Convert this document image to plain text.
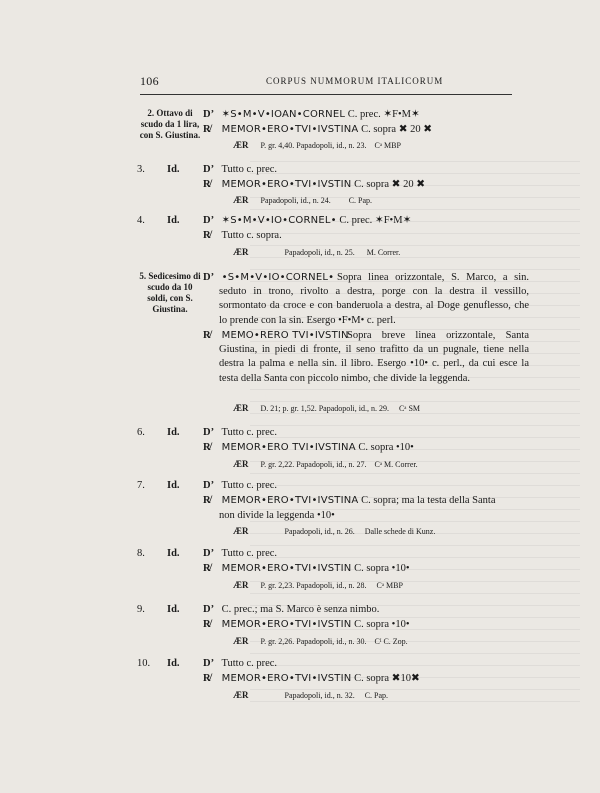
106	CORPUS NUMMORUM ITALICORUM
2. Ottavo di scudo da 1 lira, con S. Giustina.
D’ ✶S•M•V•IOAN•CORNEL C. prec. ✶F•M✶
R̸ MEMOR•ERO•TVI•IVSTINA C. sopra ✖ 20 ✖
ÆR P. gr. 4,40. Papadopoli, id., n. 23. Cᵃ MBP
3. Id. D’ Tutto c. prec.
R̸ MEMOR•ERO•TVI•IVSTIN C. sopra ✖ 20 ✖
ÆR Papadopoli, id., n. 24. C. Pap.
4. Id. D’ ✶S•M•V•IO•CORNEL• C. prec. ✶F•M✶
R̸ Tutto c. sopra.
ÆR	Papadopoli, id., n. 25. M. Correr.
5. Sedicesimo di scudo da 10 soldi, con S. Giustina.
D’ •S•M•V•IO•CORNEL• Sopra linea orizzontale, S. Marco, a sin. seduto in trono, rivolto a destra, porge con la destra il vessillo, sormontato da croce e con banderuola a destra, al Doge genuflesso, che lo prende con la sin. Esergo •F•M• c. perl.
R̸ MEMO•RERO TVI•IVSTIN
Sopra breve linea orizzontale, Santa Giustina, in piedi di fronte, il seno trafitto da un pugnale, tiene nella destra la palma e nella sin. il libro. Esergo •10• c. perl., da cui esce la testa della Santa con piccolo nimbo, che divide la leggenda.
ÆR D. 21; p. gr. 1,52. Papadopoli, id., n. 29. Cᵃ SM
6. Id. D’ Tutto c. prec.
R̸ MEMOR•ERO TVI•IVSTINA C. sopra •10•
ÆR P. gr. 2,22. Papadopoli, id., n. 27. Cᵃ M. Correr.
7. Id. D’ Tutto c. prec.
R̸ MEMOR•ERO•TVI•IVSTINA C. sopra; ma la testa della Santa
non divide la leggenda •10•
ÆR	Papadopoli, id., n. 26. Dalle schede di Kunz.
8. Id. D’ Tutto c. prec.
R̸ MEMOR•ERO•TVI•IVSTIN C. sopra •10•
ÆR P. gr. 2,23. Papadopoli, id., n. 28. Cᵃ MBP
9. Id. D’ C. prec.; ma S. Marco è senza nimbo.
R̸ MEMOR•ERO•TVI•IVSTIN C. sopra •10•
ÆR P. gr. 2,26. Papadopoli, id., n. 30. Cᴵ C. Zop.
10. Id. D’ Tutto c. prec.
R̸ MEMOR•ERO•TVI•IVSTIN C. sopra ✖10✖
ÆR	Papadopoli, id., n. 32. C. Pap.
